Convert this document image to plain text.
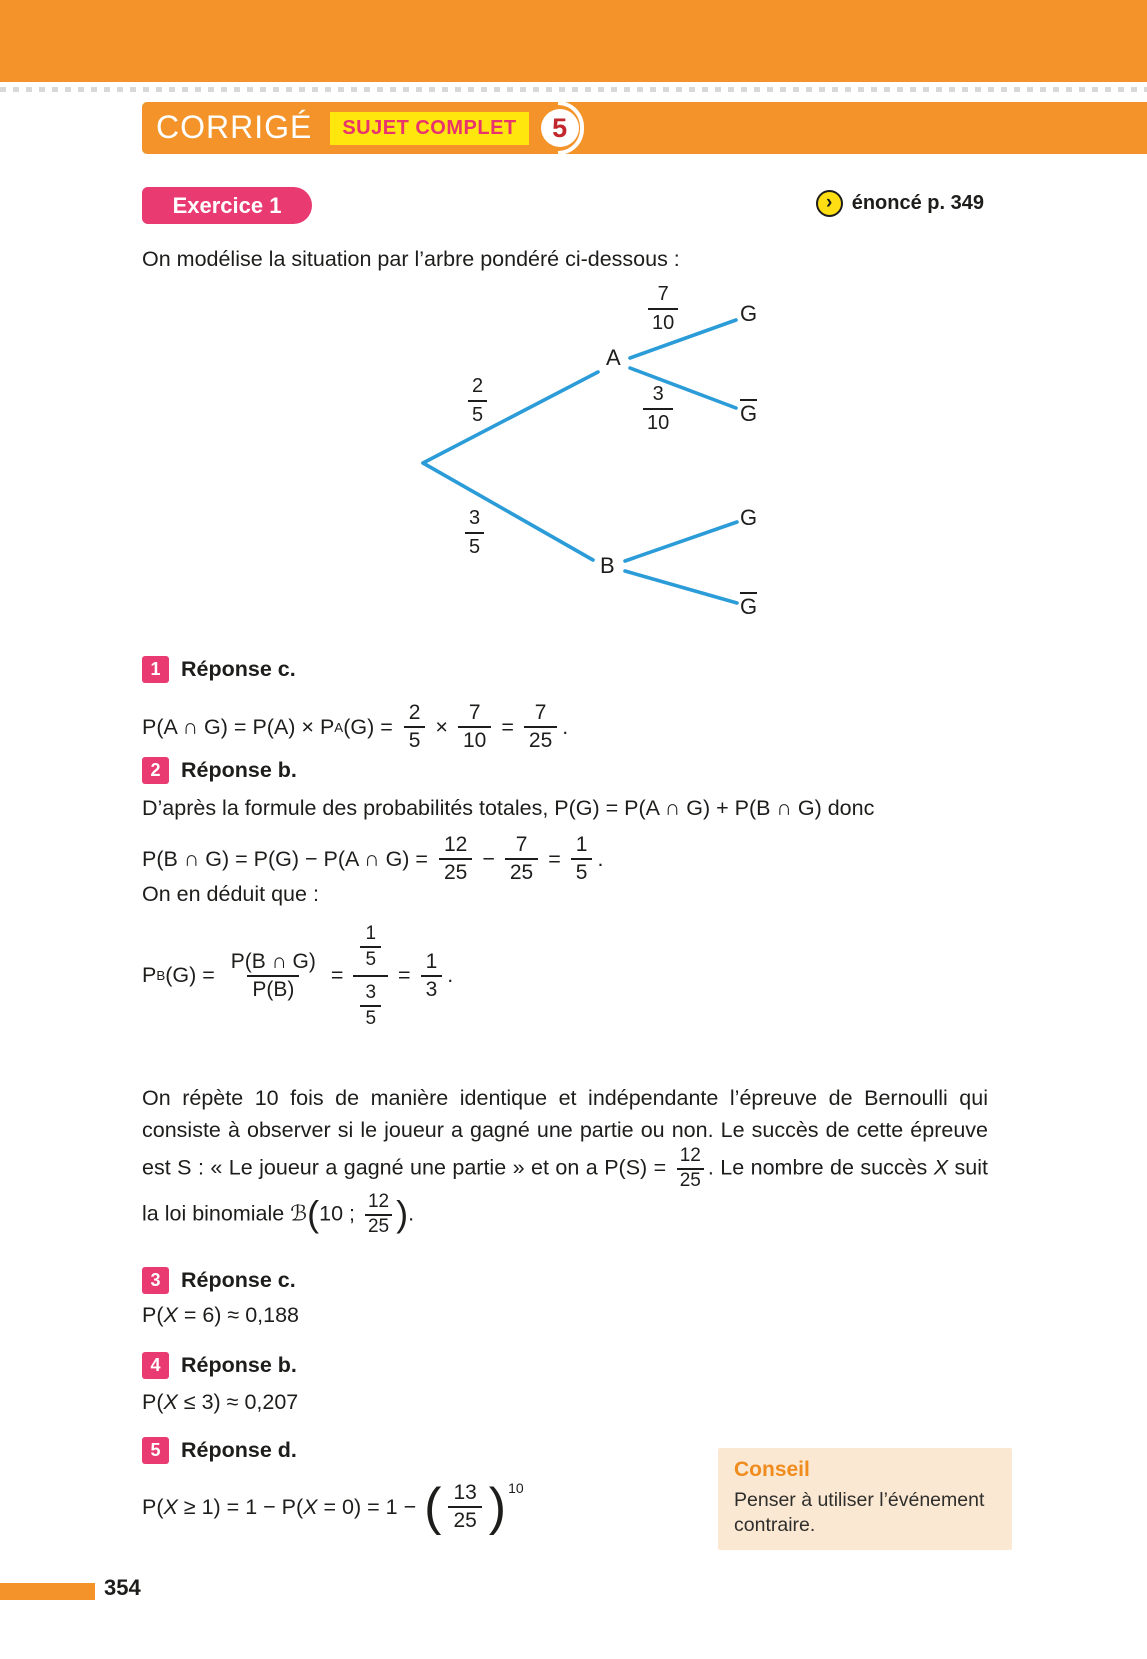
CORRIGÉ	SUJET COMPLET	5
Exercice 1	› énoncé p. 349
On modélise la situation par l’arbre pondéré ci-dessous :
A
B
G
G
G
G
$\frac{2}{5}$
$\frac{3}{5}$
$\frac{7}{10}$
$\frac{3}{10}$
1 Réponse c.
P(A ∩ G) = P(A) × P A $(G) = \frac{2}{5} \times \frac{7}{10} = \frac{7}{25}$ .
2 Réponse b.
D’après la formule des probabilités totales, P(G) = P(A ∩ G) + P(B ∩ G) donc
P(B ∩ G) = P(G) − P(A ∩ $G) = \frac{12}{25} - \frac{7}{25} = \frac{1}{5}$ .
On en déduit que :
P B $(G) = \frac{P(B \cap G)}{P(B)} = \frac{\frac{1}{5}}{\frac{3}{5}} = \frac{1}{3}$ .

On répète 10 fois de manière identique et indépendante l’épreuve de Bernoulli qui consiste à observer si le joueur a gagné une partie ou non. Le succès de cette épreuve est S : « Le joueur a gagné une partie » et on a $P(S) = \frac{12}{25}$ . Le nombre de succès X suit la loi binomiale ℬ(10 ; $\frac{12}{25}$ ).

3 Réponse c.
P( X = 6) ≈ 0,188
4 Réponse b.
P( X ≤ 3) ≈ 0,207
5 Réponse d.
P( X ≥ 1) = 1 − P( X = 0) = 1 − ( $\frac{13}{25} )^{10}$
Conseil
Penser à utiliser l’événement contraire.
354
